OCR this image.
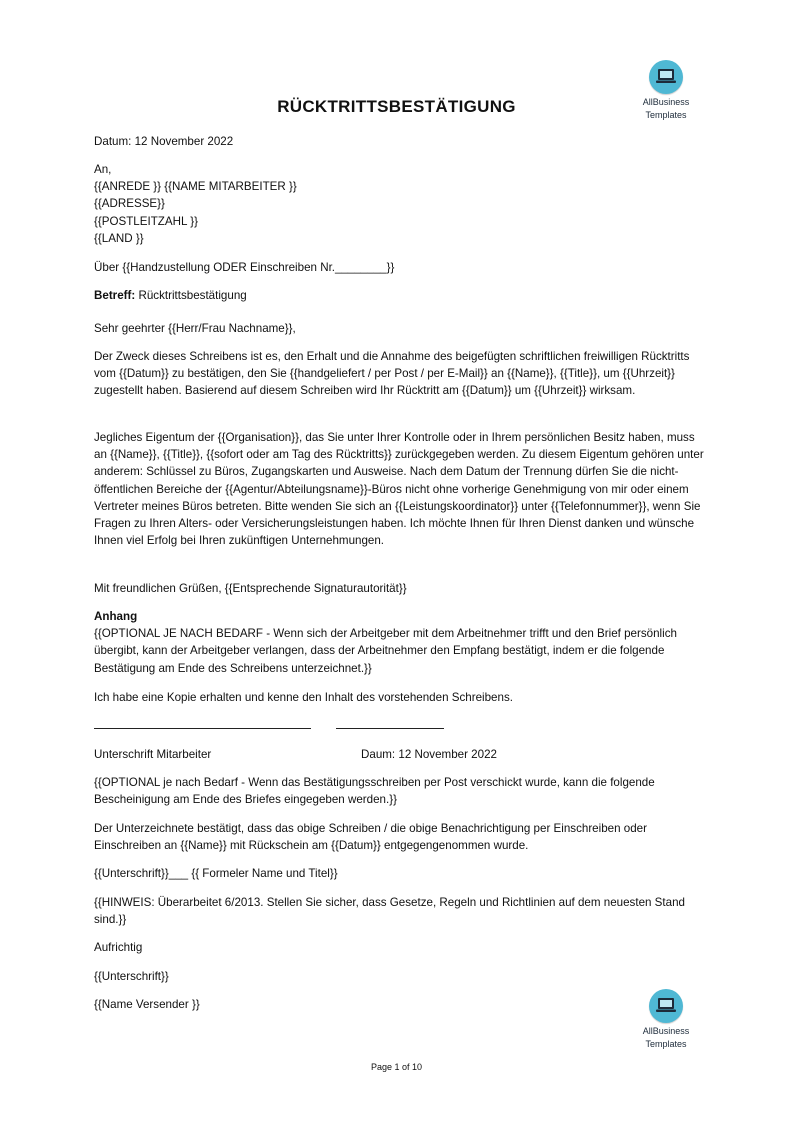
AllBusiness
Templates
RÜCKTRITTSBESTÄTIGUNG
Datum: 12 November 2022

An,

{{ANREDE }} {{NAME MITARBEITER }}

{{ADRESSE}}

{{POSTLEITZAHL }}

{{LAND }}

Über {{Handzustellung ODER Einschreiben Nr.________}}
Betreff: Rücktrittsbestätigung
Sehr geehrter {{Herr/Frau Nachname}},
Der Zweck dieses Schreibens ist es, den Erhalt und die Annahme des beigefügten schriftlichen freiwilligen Rücktritts vom {{Datum}} zu bestätigen, den Sie {{handgeliefert / per Post / per E-Mail}} an {{Name}}, {{Title}}, um {{Uhrzeit}} zugestellt haben. Basierend auf diesem Schreiben wird Ihr Rücktritt am {{Datum}} um {{Uhrzeit}} wirksam.
Jegliches Eigentum der {{Organisation}}, das Sie unter Ihrer Kontrolle oder in Ihrem persönlichen Besitz haben, muss an {{Name}}, {{Title}}, {{sofort oder am Tag des Rücktritts}} zurückgegeben werden. Zu diesem Eigentum gehören unter anderem: Schlüssel zu Büros, Zugangskarten und Ausweise. Nach dem Datum der Trennung dürfen Sie die nicht-öffentlichen Bereiche der {{Agentur/Abteilungsname}}-Büros nicht ohne vorherige Genehmigung von mir oder einem Vertreter meines Büros betreten. Bitte wenden Sie sich an {{Leistungskoordinator}} unter {{Telefonnummer}}, wenn Sie Fragen zu Ihren Alters- oder Versicherungsleistungen haben. Ich möchte Ihnen für Ihren Dienst danken und wünsche Ihnen viel Erfolg bei Ihren zukünftigen Unternehmungen.
Mit freundlichen Grüßen, {{Entsprechende Signaturautorität}}

Anhang

{{OPTIONAL JE NACH BEDARF - Wenn sich der Arbeitgeber mit dem Arbeitnehmer trifft und den Brief persönlich übergibt, kann der Arbeitgeber verlangen, dass der Arbeitnehmer den Empfang bestätigt, indem er die folgende Bestätigung am Ende des Schreibens unterzeichnet.}}

Ich habe eine Kopie erhalten und kenne den Inhalt des vorstehenden Schreibens.
Unterschrift Mitarbeiter	Daum: 12 November 2022
{{OPTIONAL je nach Bedarf - Wenn das Bestätigungsschreiben per Post verschickt wurde, kann die folgende Bescheinigung am Ende des Briefes eingegeben werden.}}
Der Unterzeichnete bestätigt, dass das obige Schreiben / die obige Benachrichtigung per Einschreiben oder Einschreiben an {{Name}} mit Rückschein am {{Datum}} entgegengenommen wurde.
{{Unterschrift}}___ {{ Formeler Name und Titel}}
{{HINWEIS: Überarbeitet 6/2013. Stellen Sie sicher, dass Gesetze, Regeln und Richtlinien auf dem neuesten Stand sind.}}
Aufrichtig
{{Unterschrift}}
{{Name Versender }}
AllBusiness
Templates
Page 1 of 10
